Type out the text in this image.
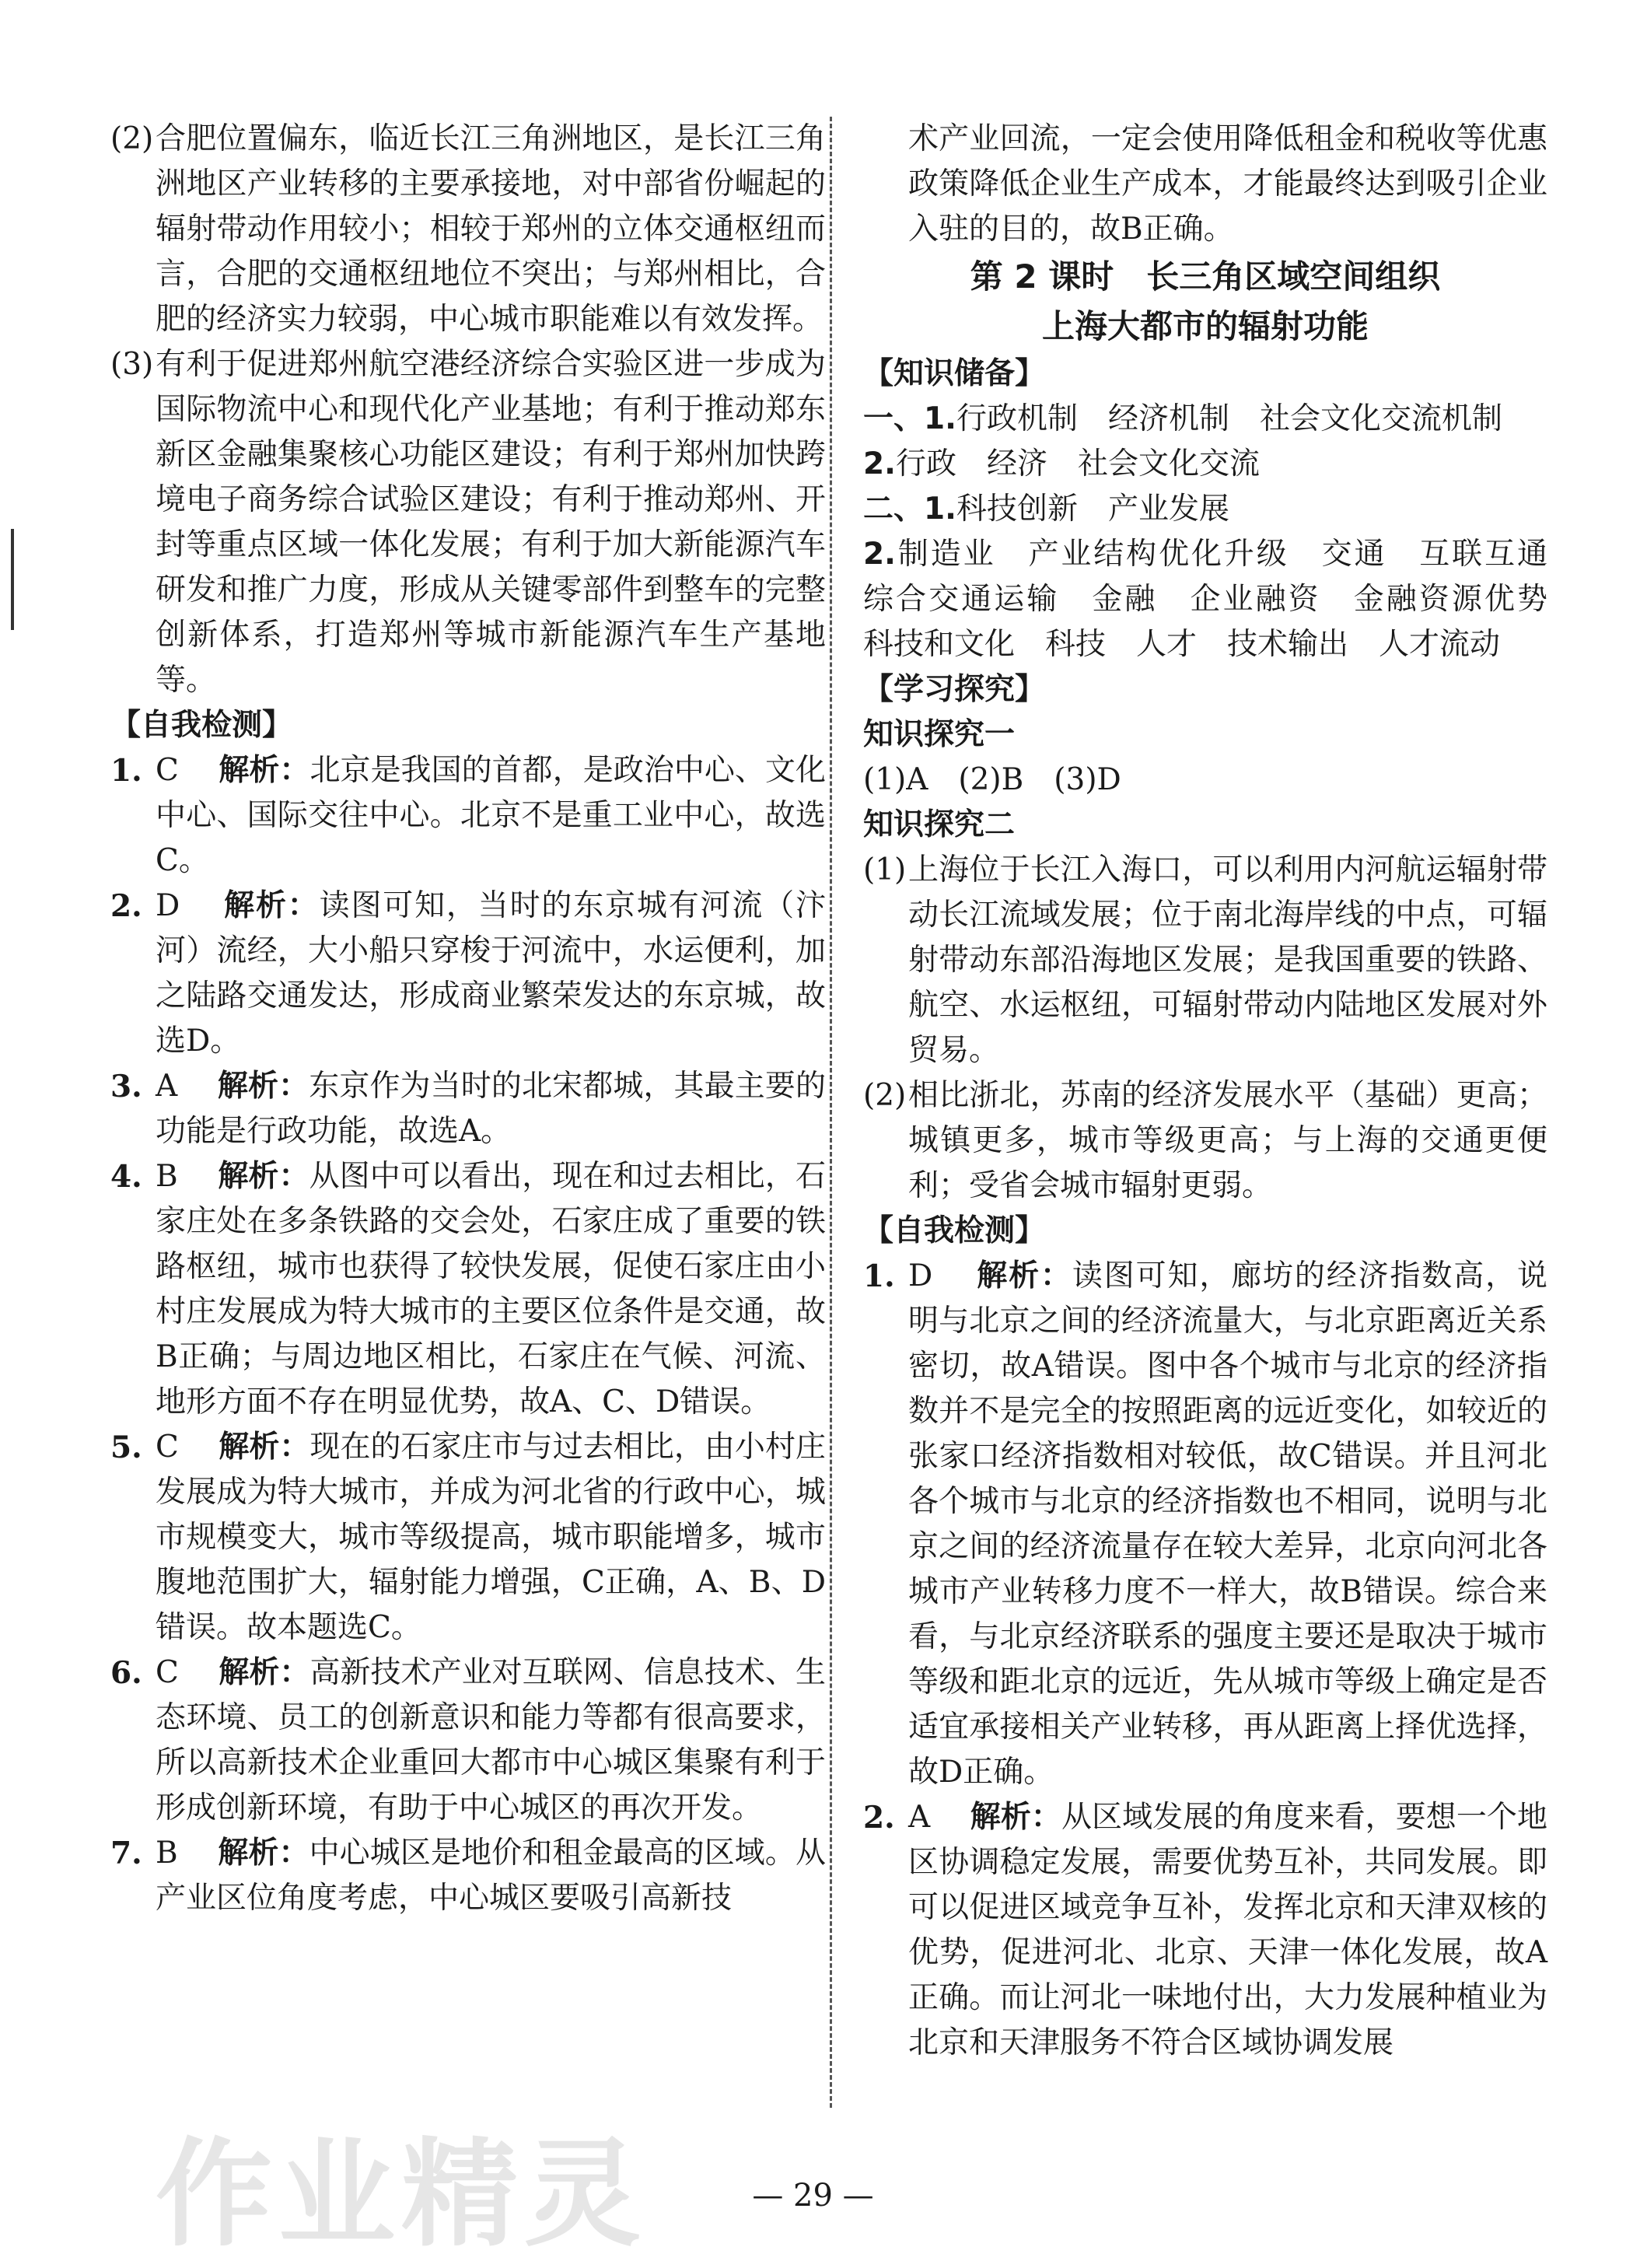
(2) 合肥位置偏东，临近长江三角洲地区，是长江三角洲地区产业转移的主要承接地，对中部省份崛起的辐射带动作用较小；相较于郑州的立体交通枢纽而言，合肥的交通枢纽地位不突出；与郑州相比，合肥的经济实力较弱，中心城市职能难以有效发挥。

(3) 有利于促进郑州航空港经济综合实验区进一步成为国际物流中心和现代化产业基地；有利于推动郑东新区金融集聚核心功能区建设；有利于郑州加快跨境电子商务综合试验区建设；有利于推动郑州、开封等重点区域一体化发展；有利于加大新能源汽车研发和推广力度，形成从关键零部件到整车的完整创新体系，打造郑州等城市新能源汽车生产基地等。

【自我检测】

1. C　 解析：北京是我国的首都，是政治中心、文化中心、国际交往中心。北京不是重工业中心，故选C。

2. D　 解析：读图可知，当时的东京城有河流（汴河）流经，大小船只穿梭于河流中，水运便利，加之陆路交通发达，形成商业繁荣发达的东京城，故选D。

3. A　 解析：东京作为当时的北宋都城，其最主要的功能是行政功能，故选A。

4. B　 解析：从图中可以看出，现在和过去相比，石家庄处在多条铁路的交会处，石家庄成了重要的铁路枢纽，城市也获得了较快发展，促使石家庄由小村庄发展成为特大城市的主要区位条件是交通，故B正确；与周边地区相比，石家庄在气候、河流、地形方面不存在明显优势，故A、C、D错误。

5. C　 解析：现在的石家庄市与过去相比，由小村庄发展成为特大城市，并成为河北省的行政中心，城市规模变大，城市等级提高，城市职能增多，城市腹地范围扩大，辐射能力增强，C正确，A、B、D错误。故本题选C。

6. C　 解析：高新技术产业对互联网、信息技术、生态环境、员工的创新意识和能力等都有很高要求，所以高新技术企业重回大都市中心城区集聚有利于形成创新环境，有助于中心城区的再次开发。

7. B　 解析：中心城区是地价和租金最高的区域。从产业区位角度考虑，中心城区要吸引高新技

术产业回流，一定会使用降低租金和税收等优惠政策降低企业生产成本，才能最终达到吸引企业入驻的目的，故B正确。

第 2 课时　长三角区域空间组织

上海大都市的辐射功能

【知识储备】

一、1.行政机制　经济机制　社会文化交流机制

2.行政　经济　社会文化交流

二、1.科技创新　产业发展

2.制造业　产业结构优化升级　交通　互联互通　综合交通运输　金融　企业融资　金融资源优势　科技和文化　科技　人才　技术输出　人才流动

【学习探究】

知识探究一

(1)A　(2)B　(3)D

知识探究二

(1) 上海位于长江入海口，可以利用内河航运辐射带动长江流域发展；位于南北海岸线的中点，可辐射带动东部沿海地区发展；是我国重要的铁路、航空、水运枢纽，可辐射带动内陆地区发展对外贸易。

(2) 相比浙北，苏南的经济发展水平（基础）更高；城镇更多，城市等级更高；与上海的交通更便利；受省会城市辐射更弱。

【自我检测】

1. D　 解析：读图可知，廊坊的经济指数高，说明与北京之间的经济流量大，与北京距离近关系密切，故A错误。图中各个城市与北京的经济指数并不是完全的按照距离的远近变化，如较近的张家口经济指数相对较低，故C错误。并且河北各个城市与北京的经济指数也不相同，说明与北京之间的经济流量存在较大差异，北京向河北各城市产业转移力度不一样大，故B错误。综合来看，与北京经济联系的强度主要还是取决于城市等级和距北京的远近，先从城市等级上确定是否适宜承接相关产业转移，再从距离上择优选择，故D正确。

2. A　 解析：从区域发展的角度来看，要想一个地区协调稳定发展，需要优势互补，共同发展。即可以促进区域竞争互补，发挥北京和天津双核的优势，促进河北、北京、天津一体化发展，故A正确。而让河北一味地付出，大力发展种植业为北京和天津服务不符合区域协调发展

作业精灵	— 29 —
